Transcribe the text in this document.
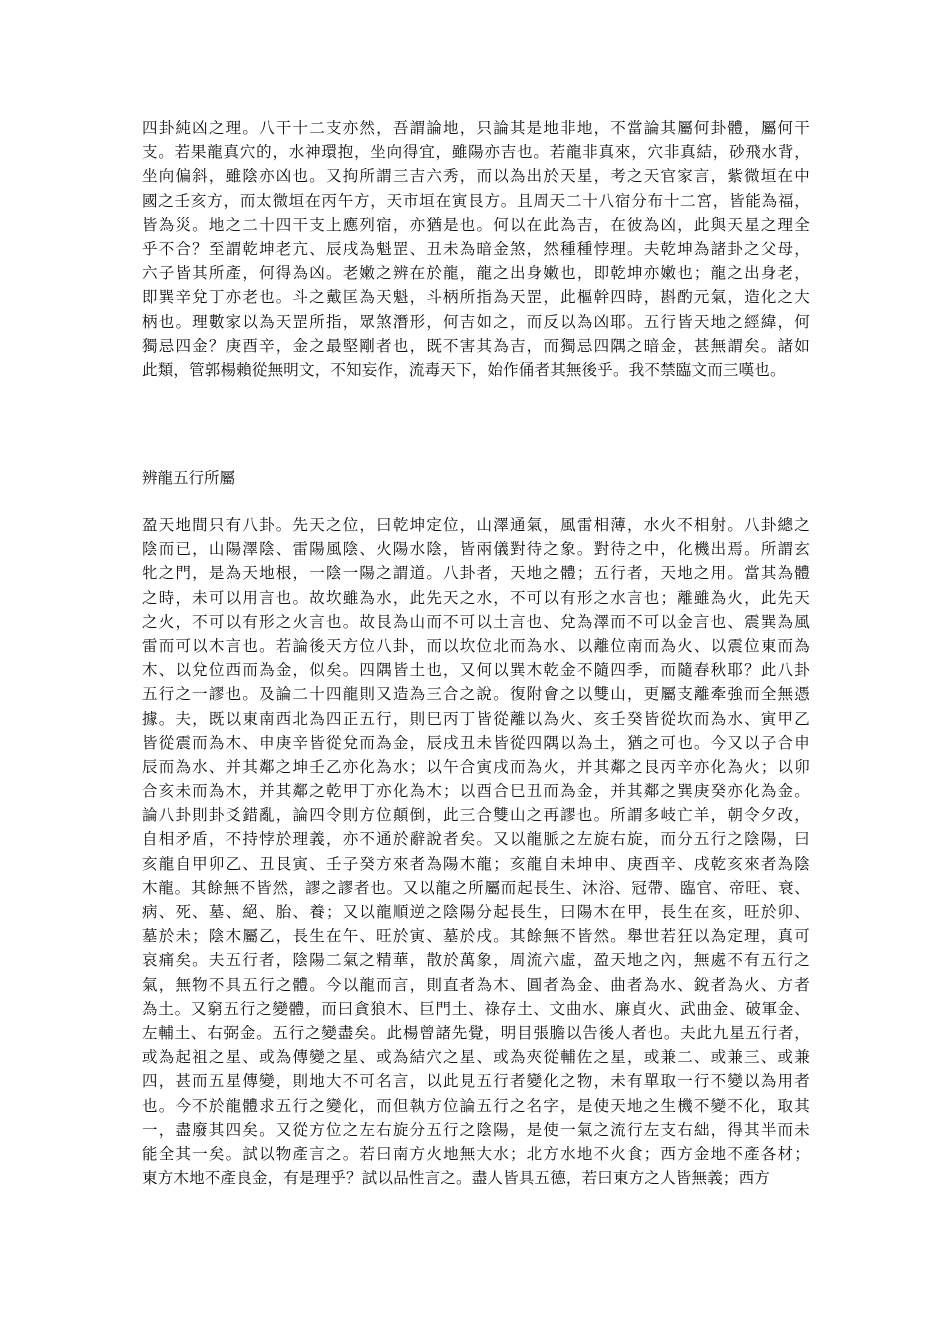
四卦純凶之理。八干十二支亦然，吾謂論地，只論其是地非地，不當論其屬何卦體，屬何干
支。若果龍真穴的，水神環抱，坐向得宜，雖陽亦吉也。若龍非真來，穴非真結，砂飛水背，
坐向偏斜，雖陰亦凶也。又拘所謂三吉六秀，而以為出於天星，考之天官家言，紫微垣在中
國之壬亥方，而太微垣在丙午方，天市垣在寅艮方。且周天二十八宿分布十二宮，皆能為福，
皆為災。地之二十四干支上應列宿，亦猶是也。何以在此為吉，在彼為凶，此與天星之理全
乎不合？至謂乾坤老亢、辰戌為魁罡、丑未為暗金煞，然種種悖理。夫乾坤為諸卦之父母，
六子皆其所產，何得為凶。老嫩之辨在於龍，龍之出身嫩也，即乾坤亦嫩也；龍之出身老，
即巽辛兌丁亦老也。斗之戴匡為天魁，斗柄所指為天罡，此樞幹四時，斟酌元氣，造化之大
柄也。理數家以為天罡所指，眾煞潛形，何吉如之，而反以為凶耶。五行皆天地之經緯，何
獨忌四金？庚酉辛，金之最堅剛者也，既不害其為吉，而獨忌四隅之暗金，甚無謂矣。諸如
此類，管郭楊賴從無明文，不知妄作，流毒天下，始作俑者其無後乎。我不禁臨文而三嘆也。
辨龍五行所屬
盈天地間只有八卦。先天之位，曰乾坤定位，山澤通氣，風雷相薄，水火不相射。八卦總之
陰而已，山陽澤陰、雷陽風陰、火陽水陰，皆兩儀對待之象。對待之中，化機出焉。所謂玄
牝之門，是為天地根，一陰一陽之謂道。八卦者，天地之體；五行者，天地之用。當其為體
之時，未可以用言也。故坎雖為水，此先天之水，不可以有形之水言也；離雖為火，此先天
之火，不可以有形之火言也。故艮為山而不可以土言也、兌為澤而不可以金言也、震巽為風
雷而可以木言也。若論後天方位八卦，而以坎位北而為水、以離位南而為火、以震位東而為
木、以兌位西而為金，似矣。四隅皆土也，又何以巽木乾金不隨四季，而隨春秋耶？此八卦
五行之一謬也。及論二十四龍則又造為三合之說。復附會之以雙山，更屬支離牽強而全無憑
據。夫，既以東南西北為四正五行，則巳丙丁皆從離以為火、亥壬癸皆從坎而為水、寅甲乙
皆從震而為木、申庚辛皆從兌而為金，辰戌丑未皆從四隅以為土，猶之可也。今又以子合申
辰而為水、并其鄰之坤壬乙亦化為水；以午合寅戌而為火，并其鄰之艮丙辛亦化為火；以卯
合亥未而為木，并其鄰之乾甲丁亦化為木；以酉合巳丑而為金，并其鄰之巽庚癸亦化為金。
論八卦則卦爻錯亂，論四令則方位顛倒，此三合雙山之再謬也。所謂多岐亡羊，朝令夕改，
自相矛盾，不持悖於理義，亦不通於辭說者矣。又以龍脈之左旋右旋，而分五行之陰陽，曰
亥龍自甲卯乙、丑艮寅、壬子癸方來者為陽木龍；亥龍自未坤申、庚酉辛、戌乾亥來者為陰
木龍。其餘無不皆然，謬之謬者也。又以龍之所屬而起長生、沐浴、冠帶、臨官、帝旺、衰、
病、死、墓、絕、胎、養；又以龍順逆之陰陽分起長生，曰陽木在甲，長生在亥，旺於卯、
墓於未；陰木屬乙，長生在午、旺於寅、墓於戌。其餘無不皆然。舉世若狂以為定理，真可
哀痛矣。夫五行者，陰陽二氣之精華，散於萬象，周流六虛，盈天地之內，無處不有五行之
氣，無物不具五行之體。今以龍而言，則直者為木、圓者為金、曲者為水、銳者為火、方者
為土。又窮五行之變體，而曰貪狼木、巨門土、祿存土、文曲水、廉貞火、武曲金、破軍金、
左輔土、右弼金。五行之變盡矣。此楊曾諸先覺，明目張膽以告後人者也。夫此九星五行者，
或為起祖之星、或為傳變之星、或為結穴之星、或為夾從輔佐之星，或兼二、或兼三、或兼
四，甚而五星傳變，則地大不可名言，以此見五行者變化之物，未有單取一行不變以為用者
也。今不於龍體求五行之變化，而但執方位論五行之名字，是使天地之生機不變不化，取其
一，盡廢其四矣。又從方位之左右旋分五行之陰陽，是使一氣之流行左支右絀，得其半而未
能全其一矣。試以物產言之。若曰南方火地無大水；北方水地不火食；西方金地不產各材；
東方木地不產良金，有是理乎？試以品性言之。盡人皆具五德，若曰東方之人皆無義；西方
